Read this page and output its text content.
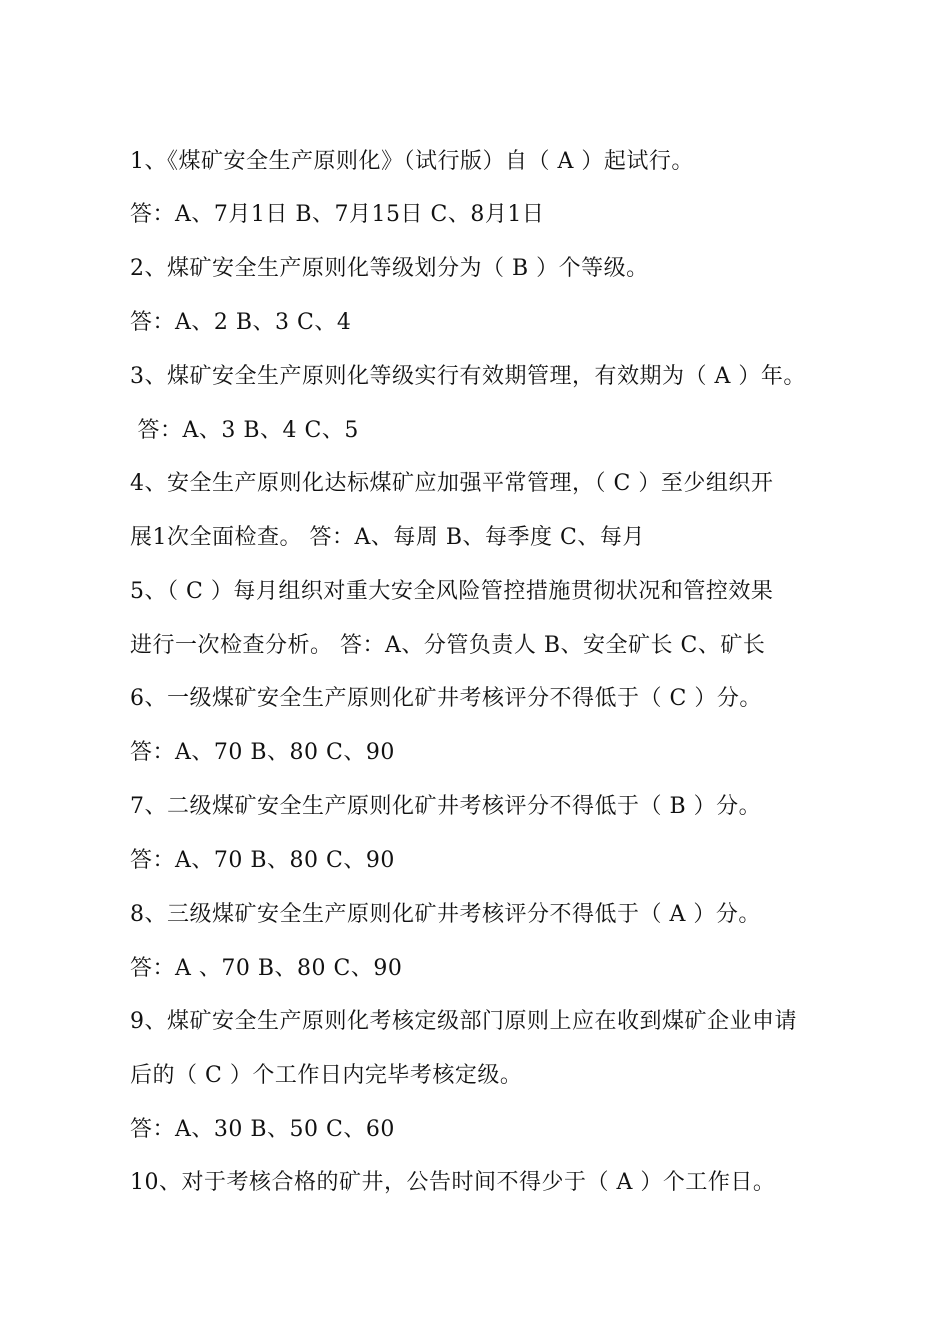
1、《煤矿安全生产原则化》（试行版）自（ A ）起试行。
答：A、7月1日 B、7月15日 C、8月1日
2、煤矿安全生产原则化等级划分为（ B ）个等级。
答：A、2 B、3 C、4
3、煤矿安全生产原则化等级实行有效期管理，有效期为（ A ）年。
答：A、3 B、4 C、5
4、安全生产原则化达标煤矿应加强平常管理，（ C ）至少组织开
展1次全面检查。 答：A、每周 B、每季度 C、每月
5、（ C ）每月组织对重大安全风险管控措施贯彻状况和管控效果
进行一次检查分析。 答：A、分管负责人 B、安全矿长 C、矿长
6、一级煤矿安全生产原则化矿井考核评分不得低于（ C ）分。
答：A、70 B、80 C、90
7、二级煤矿安全生产原则化矿井考核评分不得低于（ B ）分。
答：A、70 B、80 C、90
8、三级煤矿安全生产原则化矿井考核评分不得低于（ A ）分。
答：A 、70 B、80 C、90
9、煤矿安全生产原则化考核定级部门原则上应在收到煤矿企业申请
后的（ C ）个工作日内完毕考核定级。
答：A、30 B、50 C、60
10、对于考核合格的矿井，公告时间不得少于（ A ）个工作日。
